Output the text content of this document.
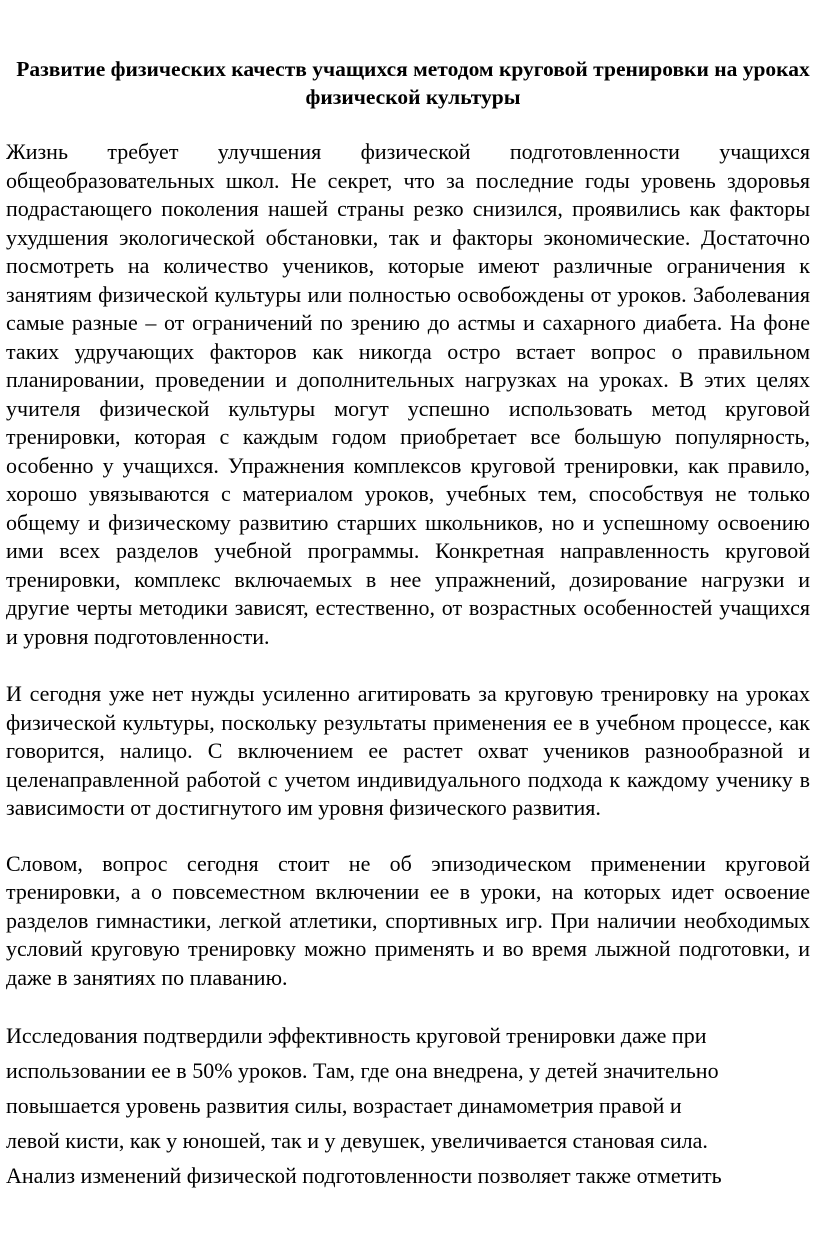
Развитие физических качеств учащихся методом круговой тренировки на уроках физической культуры

Жизнь требует улучшения физической подготовленности учащихся общеобразовательных школ. Не секрет, что за последние годы уровень здоровья подрастающего поколения нашей страны резко снизился, проявились как факторы ухудшения экологической обстановки, так и факторы экономические. Достаточно посмотреть на количество учеников, которые имеют различные ограничения к занятиям физической культуры или полностью освобождены от уроков. Заболевания самые разные – от ограничений по зрению до астмы и сахарного диабета. На фоне таких удручающих факторов как никогда остро встает вопрос о правильном планировании, проведении и дополнительных нагрузках на уроках. В этих целях учителя физической культуры могут успешно использовать метод круговой тренировки, которая с каждым годом приобретает все большую популярность, особенно у учащихся. Упражнения комплексов круговой тренировки, как правило, хорошо увязываются с материалом уроков, учебных тем, способствуя не только общему и физическому развитию старших школьников, но и успешному освоению ими всех разделов учебной программы. Конкретная направленность круговой тренировки, комплекс включаемых в нее упражнений, дозирование нагрузки и другие черты методики зависят, естественно, от возрастных особенностей учащихся и уровня подготовленности.

И сегодня уже нет нужды усиленно агитировать за круговую тренировку на уроках физической культуры, поскольку результаты применения ее в учебном процессе, как говорится, налицо. С включением ее растет охват учеников разнообразной и целенаправленной работой с учетом индивидуального подхода к каждому ученику в зависимости от достигнутого им уровня физического развития.

Словом, вопрос сегодня стоит не об эпизодическом применении круговой тренировки, а о повсеместном включении ее в уроки, на которых идет освоение разделов гимнастики, легкой атлетики, спортивных игр. При наличии необходимых условий круговую тренировку можно применять и во время лыжной подготовки, и даже в занятиях по плаванию.

Исследования подтвердили эффективность круговой тренировки даже при
использовании ее в 50% уроков. Там, где она внедрена, у детей значительно
повышается уровень развития силы, возрастает динамометрия правой и
левой кисти, как у юношей, так и у девушек, увеличивается становая сила.
Анализ изменений физической подготовленности позволяет также отметить
